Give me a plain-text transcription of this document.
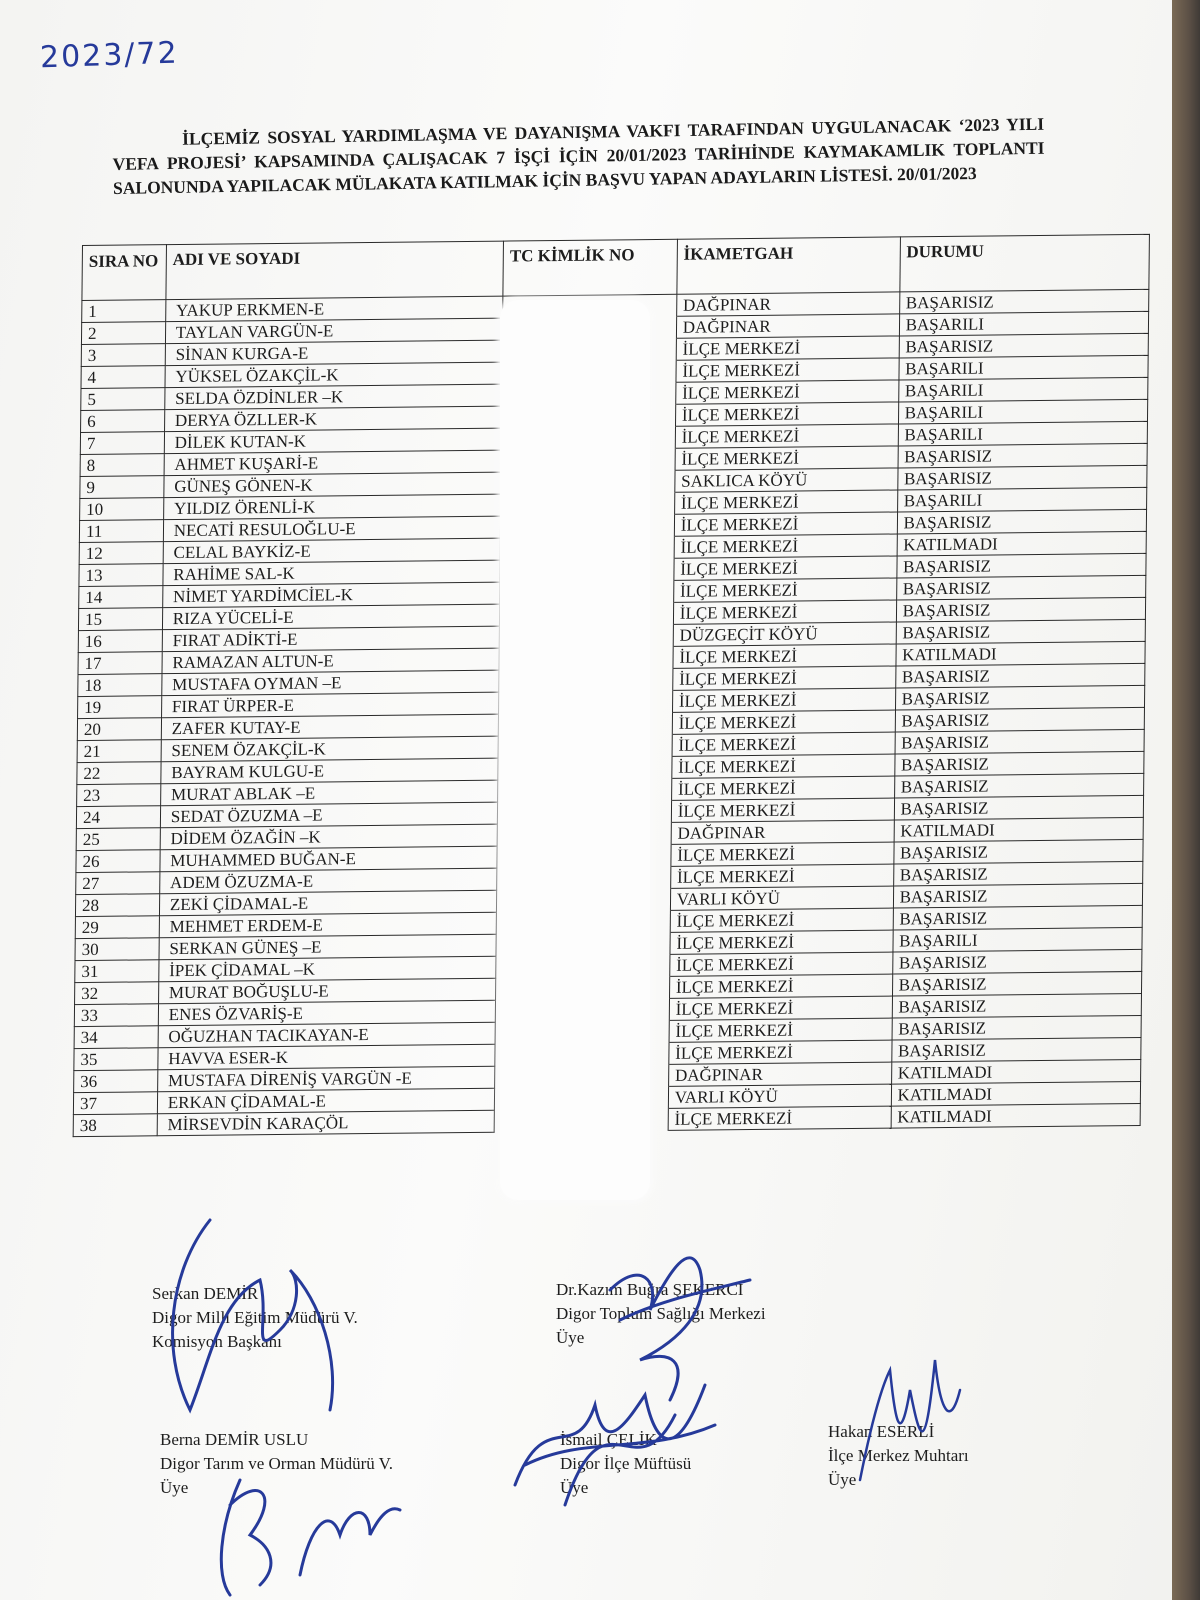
2023/72

İLÇEMİZ SOSYAL YARDIMLAŞMA VE DAYANIŞMA VAKFI TARAFINDAN UYGULANACAK ‘2023 YILI VEFA PROJESİ’ KAPSAMINDA ÇALIŞACAK 7 İŞÇİ İÇİN 20/01/2023 TARİHİNDE KAYMAKAMLIK TOPLANTI SALONUNDA YAPILACAK MÜLAKATA KATILMAK İÇİN BAŞVU YAPAN ADAYLARIN LİSTESİ. 20/01/2023

SIRA NO	ADI VE SOYADI	TC KİMLİK NO	İKAMETGAH	DURUMU
1	YAKUP ERKMEN-E		DAĞPINAR	BAŞARISIZ
2	TAYLAN VARGÜN-E		DAĞPINAR	BAŞARILI
3	SİNAN KURGA-E		İLÇE MERKEZİ	BAŞARISIZ
4	YÜKSEL ÖZAKÇİL-K		İLÇE MERKEZİ	BAŞARILI
5	SELDA ÖZDİNLER –K		İLÇE MERKEZİ	BAŞARILI
6	DERYA ÖZLLER-K		İLÇE MERKEZİ	BAŞARILI
7	DİLEK KUTAN-K		İLÇE MERKEZİ	BAŞARILI
8	AHMET KUŞARİ-E		İLÇE MERKEZİ	BAŞARISIZ
9	GÜNEŞ GÖNEN-K		SAKLICA KÖYÜ	BAŞARISIZ
10	YILDIZ ÖRENLİ-K		İLÇE MERKEZİ	BAŞARILI
11	NECATİ RESULOĞLU-E		İLÇE MERKEZİ	BAŞARISIZ
12	CELAL BAYKİZ-E		İLÇE MERKEZİ	KATILMADI
13	RAHİME SAL-K		İLÇE MERKEZİ	BAŞARISIZ
14	NİMET YARDİMCİEL-K		İLÇE MERKEZİ	BAŞARISIZ
15	RIZA YÜCELİ-E		İLÇE MERKEZİ	BAŞARISIZ
16	FIRAT ADİKTİ-E		DÜZGEÇİT KÖYÜ	BAŞARISIZ
17	RAMAZAN ALTUN-E		İLÇE MERKEZİ	KATILMADI
18	MUSTAFA OYMAN –E		İLÇE MERKEZİ	BAŞARISIZ
19	FIRAT ÜRPER-E		İLÇE MERKEZİ	BAŞARISIZ
20	ZAFER KUTAY-E		İLÇE MERKEZİ	BAŞARISIZ
21	SENEM ÖZAKÇİL-K		İLÇE MERKEZİ	BAŞARISIZ
22	BAYRAM KULGU-E		İLÇE MERKEZİ	BAŞARISIZ
23	MURAT ABLAK –E		İLÇE MERKEZİ	BAŞARISIZ
24	SEDAT ÖZUZMA –E		İLÇE MERKEZİ	BAŞARISIZ
25	DİDEM ÖZAĞİN –K		DAĞPINAR	KATILMADI
26	MUHAMMED BUĞAN-E		İLÇE MERKEZİ	BAŞARISIZ
27	ADEM ÖZUZMA-E		İLÇE MERKEZİ	BAŞARISIZ
28	ZEKİ ÇİDAMAL-E		VARLI KÖYÜ	BAŞARISIZ
29	MEHMET ERDEM-E		İLÇE MERKEZİ	BAŞARISIZ
30	SERKAN GÜNEŞ –E		İLÇE MERKEZİ	BAŞARILI
31	İPEK ÇİDAMAL –K		İLÇE MERKEZİ	BAŞARISIZ
32	MURAT BOĞUŞLU-E		İLÇE MERKEZİ	BAŞARISIZ
33	ENES ÖZVARİŞ-E		İLÇE MERKEZİ	BAŞARISIZ
34	OĞUZHAN TACIKAYAN-E		İLÇE MERKEZİ	BAŞARISIZ
35	HAVVA ESER-K		İLÇE MERKEZİ	BAŞARISIZ
36	MUSTAFA DİRENİŞ VARGÜN -E		DAĞPINAR	KATILMADI
37	ERKAN ÇİDAMAL-E		VARLI KÖYÜ	KATILMADI
38	MİRSEVDİN KARAÇÖL		İLÇE MERKEZİ	KATILMADI
Serkan DEMİR
Digor Milli Eğitim Müdürü V.
Komisyon Başkanı
Dr.Kazım Buğra ŞEKERCİ
Digor Toplum Sağlığı Merkezi
Üye
Berna DEMİR USLU
Digor Tarım ve Orman Müdürü V.
Üye
İsmail ÇELİK
Digor İlçe Müftüsü
Üye
Hakan ESERLİ
İlçe Merkez Muhtarı
Üye
